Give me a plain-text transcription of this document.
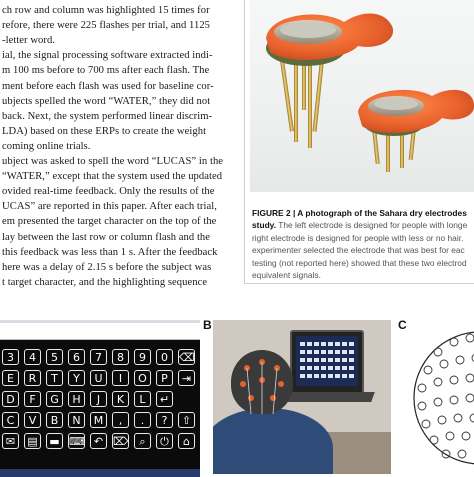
ch row and column was highlighted 15 times for
refore, there were 225 flashes per trial, and 1125
-letter word.
ial, the signal processing software extracted indi-
m 100 ms before to 700 ms after each flash. The
ment before each flash was used for baseline cor-
ubjects spelled the word “WATER,” they did not
back. Next, the system performed linear discrim-
LDA) based on these ERPs to create the weight
coming online trials.
ubject was asked to spell the word “LUCAS” in the
“WATER,” except that the system used the updated
ovided real-time feedback. Only the results of the
UCAS” are reported in this paper. After each trial,
em presented the target character on the top of the
lay between the last row or column flash and the
this feedback was less than 1 s. After the feedback
here was a delay of 2.15 s before the subject was
t target character, and the highlighting sequence
FIGURE 2 | A photograph of the Sahara dry electrodes
study. The left electrode is designed for people with longe
right electrode is designed for people with less or no hair.
experimenter selected the electrode that was best for eac
testing (not reported here) showed that these two electrod
equivalent signals.
3	4	5	6	7	8	9	0	⌫
E	R	T	Y	U	I	O	P	⇥
D	F	G	H	J	K	L	↵
C	V	B	N	M	,	.	?	⇧
✉	▤ ▬ ⌨ ↶ ⌦ ⌕	⏻	⌂
B	C
